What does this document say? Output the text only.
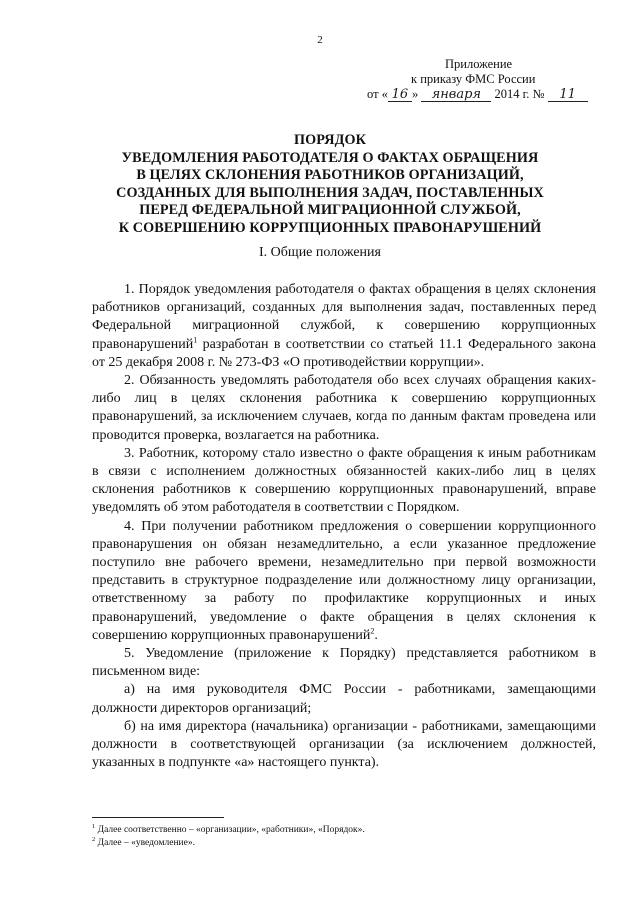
2
Приложение
к приказу ФМС России
от « 16 » января 2014 г. № 11
ПОРЯДОК
УВЕДОМЛЕНИЯ РАБОТОДАТЕЛЯ О ФАКТАХ ОБРАЩЕНИЯ
В ЦЕЛЯХ СКЛОНЕНИЯ РАБОТНИКОВ ОРГАНИЗАЦИЙ,
СОЗДАННЫХ ДЛЯ ВЫПОЛНЕНИЯ ЗАДАЧ, ПОСТАВЛЕННЫХ
ПЕРЕД ФЕДЕРАЛЬНОЙ МИГРАЦИОННОЙ СЛУЖБОЙ,
К СОВЕРШЕНИЮ КОРРУПЦИОННЫХ ПРАВОНАРУШЕНИЙ
I. Общие положения

1. Порядок уведомления работодателя о фактах обращения в целях склонения работников организаций, созданных для выполнения задач, поставленных перед Федеральной миграционной службой, к совершению коррупционных правонарушений$^1$ разработан в соответствии со статьей 11.1 Федерального закона от 25 декабря 2008 г. № 273-ФЗ «О противодействии коррупции».

2. Обязанность уведомлять работодателя обо всех случаях обращения каких-либо лиц в целях склонения работника к совершению коррупционных правонарушений, за исключением случаев, когда по данным фактам проведена или проводится проверка, возлагается на работника.

3. Работник, которому стало известно о факте обращения к иным работникам в связи с исполнением должностных обязанностей каких-либо лиц в целях склонения работников к совершению коррупционных правонарушений, вправе уведомлять об этом работодателя в соответствии с Порядком.

4. При получении работником предложения о совершении коррупционного правонарушения он обязан незамедлительно, а если указанное предложение поступило вне рабочего времени, незамедлительно при первой возможности представить в структурное подразделение или должностному лицу организации, ответственному за работу по профилактике коррупционных и иных правонарушений, уведомление о факте обращения в целях склонения к совершению коррупционных правонарушений$^2$.

5. Уведомление (приложение к Порядку) представляется работником в письменном виде:

а) на имя руководителя ФМС России - работниками, замещающими должности директоров организаций;

б) на имя директора (начальника) организации - работниками, замещающими должности в соответствующей организации (за исключением должностей, указанных в подпункте «а» настоящего пункта).

$^1$ Далее соответственно – «организации», «работники», «Порядок».
$^2$ Далее – «уведомление».
